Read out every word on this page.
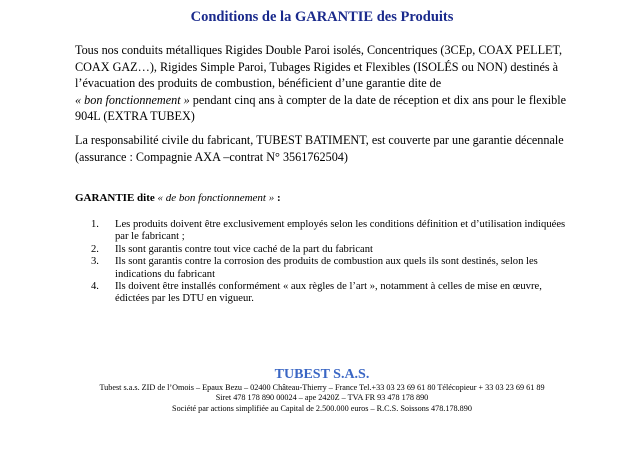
Conditions de la GARANTIE des Produits
Tous nos conduits métalliques Rigides Double Paroi isolés, Concentriques (3CEp, COAX PELLET, COAX GAZ…), Rigides Simple Paroi, Tubages Rigides et Flexibles (ISOLÉS ou NON) destinés à l’évacuation des produits de combustion, bénéficient d’une garantie dite de
« bon fonctionnement » pendant cinq ans à compter de la date de réception et dix ans pour le flexible 904L (EXTRA TUBEX)
La responsabilité civile du fabricant, TUBEST BATIMENT, est couverte par une garantie décennale (assurance : Compagnie AXA –contrat N° 3561762504)
GARANTIE dite « de bon fonctionnement » :
1. Les produits doivent être exclusivement employés selon les conditions définition et d’utilisation indiquées par le fabricant ;
2. Ils sont garantis contre tout vice caché de la part du fabricant
3. Ils sont garantis contre la corrosion des produits de combustion aux quels ils sont destinés, selon les indications du fabricant
4. Ils doivent être installés conformément « aux règles de l’art », notamment à celles de mise en œuvre, édictées par les DTU en vigueur.
TUBEST S.A.S.
Tubest s.a.s. ZID de l’Omois – Epaux Bezu – 02400 Château-Thierry – France Tel.+33 03 23 69 61 80 Télécopieur + 33 03 23 69 61 89
Siret 478 178 890 00024 – ape 2420Z – TVA FR 93 478 178 890
Société par actions simplifiée au Capital de 2.500.000 euros – R.C.S. Soissons 478.178.890
